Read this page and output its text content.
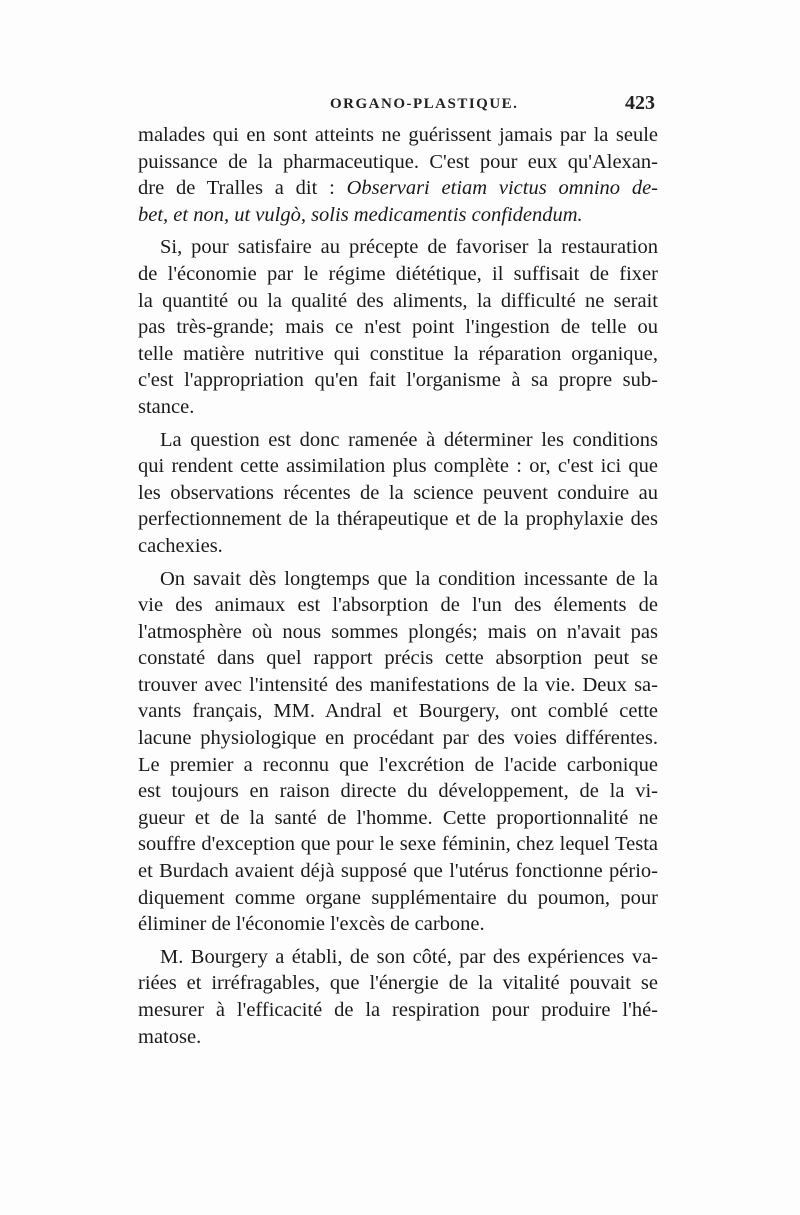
ORGANO-PLASTIQUE.	423

malades qui en sont atteints ne guérissent jamais par la seule
puissance de la pharmaceutique. C'est pour eux qu'Alexan-
dre de Tralles a dit : Observari etiam victus omnino de-
bet, et non, ut vulgò, solis medicamentis confidendum.

Si, pour satisfaire au précepte de favoriser la restauration
de l'économie par le régime diététique, il suffisait de fixer
la quantité ou la qualité des aliments, la difficulté ne serait
pas très-grande; mais ce n'est point l'ingestion de telle ou
telle matière nutritive qui constitue la réparation organique,
c'est l'appropriation qu'en fait l'organisme à sa propre sub-
stance.

La question est donc ramenée à déterminer les conditions
qui rendent cette assimilation plus complète : or, c'est ici que
les observations récentes de la science peuvent conduire au
perfectionnement de la thérapeutique et de la prophylaxie des
cachexies.

On savait dès longtemps que la condition incessante de la
vie des animaux est l'absorption de l'un des élements de
l'atmosphère où nous sommes plongés; mais on n'avait pas
constaté dans quel rapport précis cette absorption peut se
trouver avec l'intensité des manifestations de la vie. Deux sa-
vants français, MM. Andral et Bourgery, ont comblé cette
lacune physiologique en procédant par des voies différentes.
Le premier a reconnu que l'excrétion de l'acide carbonique
est toujours en raison directe du développement, de la vi-
gueur et de la santé de l'homme. Cette proportionnalité ne
souffre d'exception que pour le sexe féminin, chez lequel Testa
et Burdach avaient déjà supposé que l'utérus fonctionne pério-
diquement comme organe supplémentaire du poumon, pour
éliminer de l'économie l'excès de carbone.

M. Bourgery a établi, de son côté, par des expériences va-
riées et irréfragables, que l'énergie de la vitalité pouvait se
mesurer à l'efficacité de la respiration pour produire l'hé-
matose.
